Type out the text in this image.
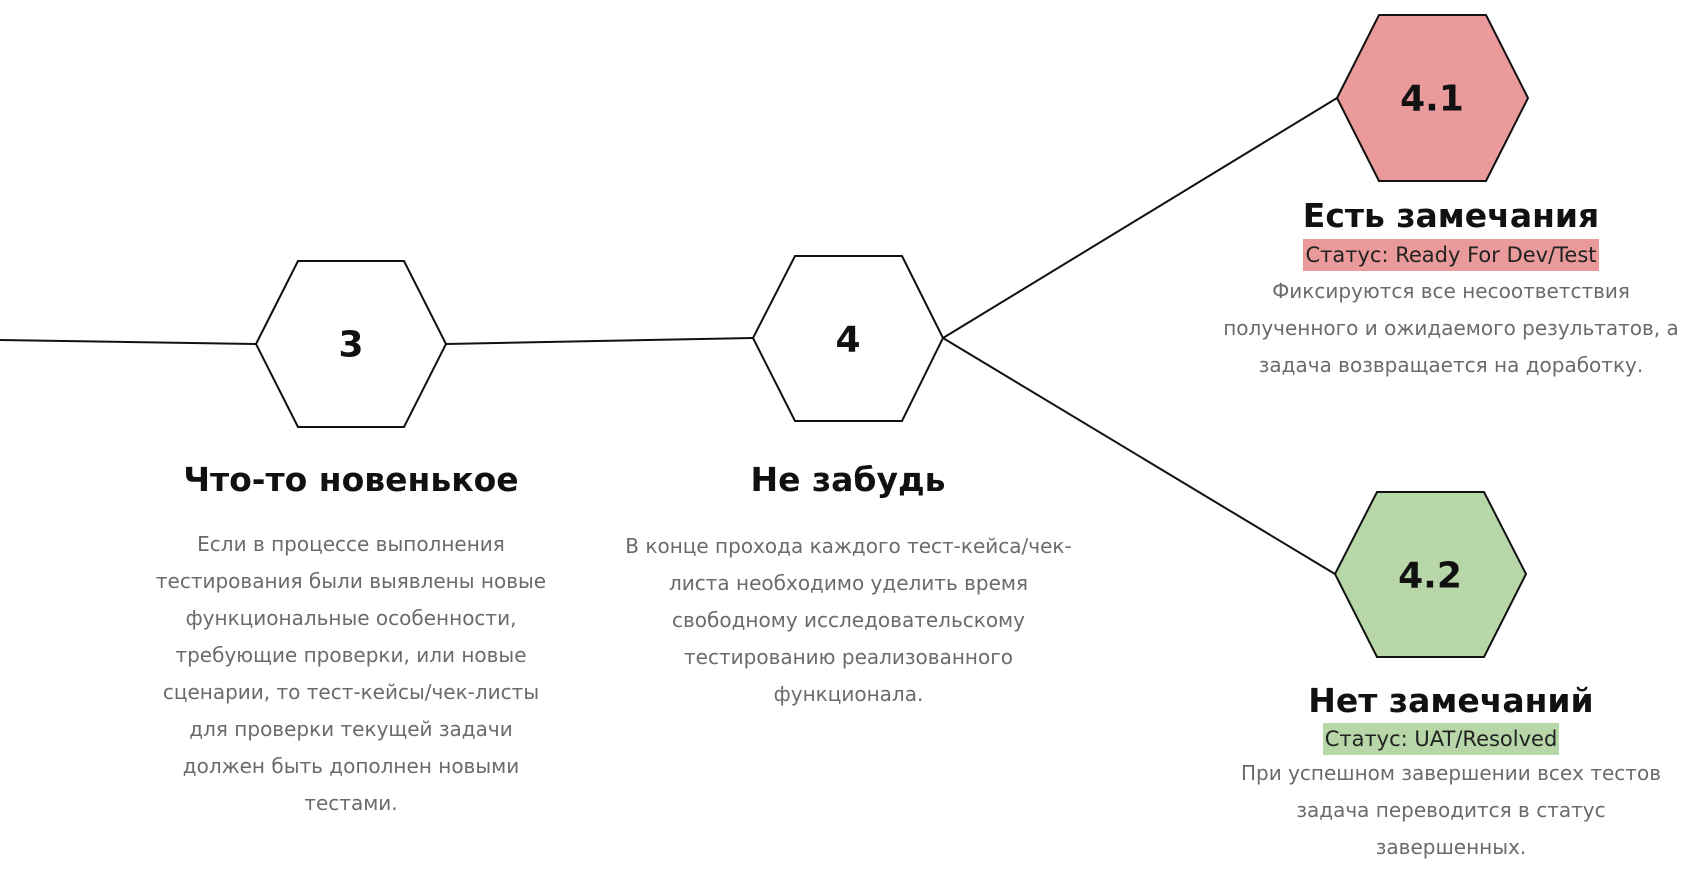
3	4
4.1
4.2
Что-то новенькое
Если в процессе выполнения тестирования были выявлены новые функциональные особенности, требующие проверки, или новые сценарии, то тест-кейсы/чек-листы для проверки текущей задачи должен быть дополнен новыми тестами.
Не забудь
В конце прохода каждого тест-кейса/чек-листа необходимо уделить время свободному исследовательскому тестированию реализованного функционала.
Есть замечания
Статус: Ready For Dev/Test
Фиксируются все несоответствия полученного и ожидаемого результатов, а задача возвращается на доработку.
Нет замечаний
Статус: UAT/Resolved
При успешном завершении всех тестов задача переводится в статус завершенных.
